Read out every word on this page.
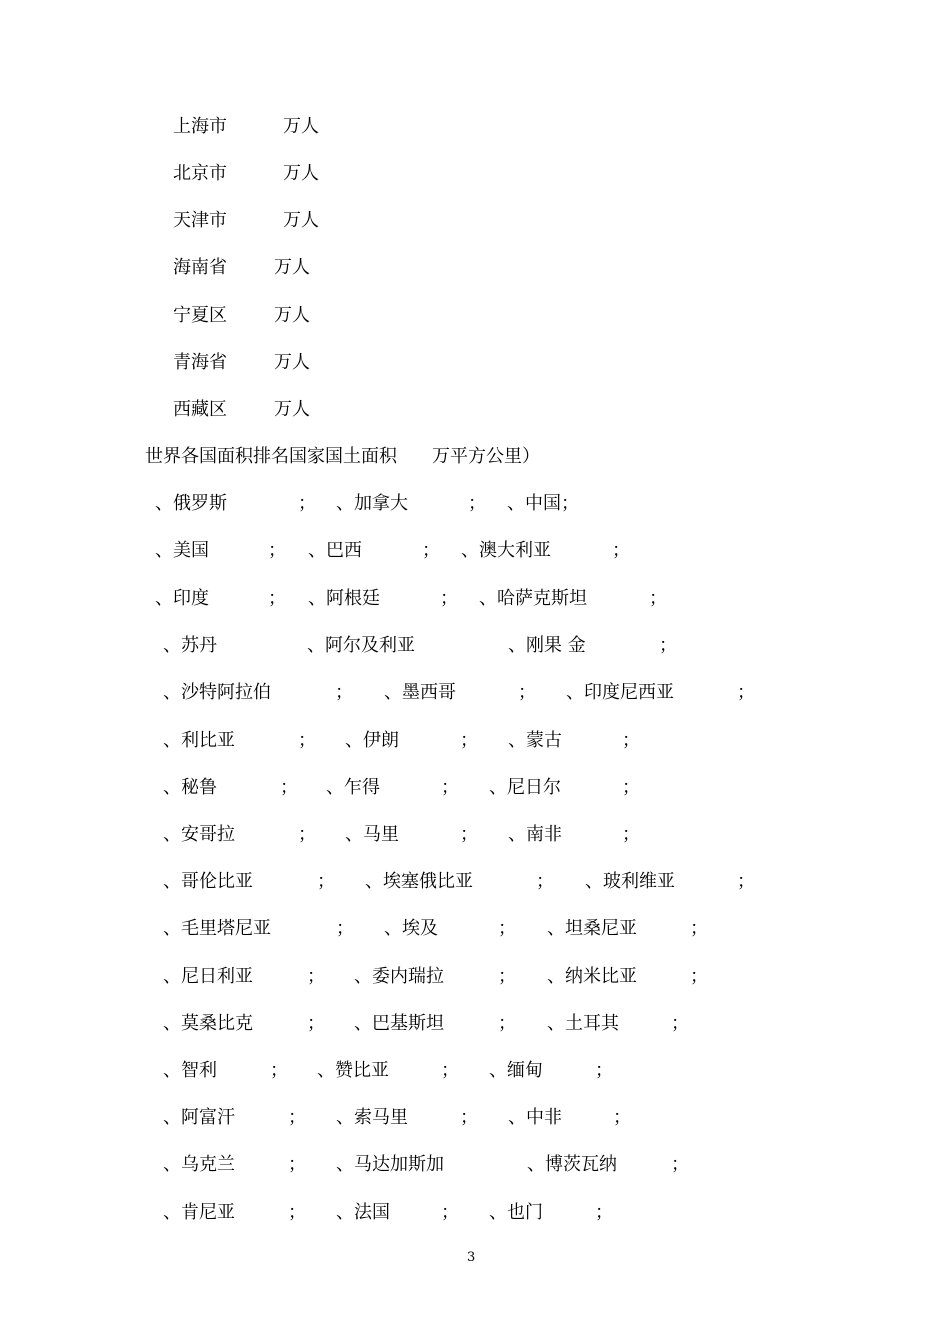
上海市	万人
北京市	万人
天津市	万人
海南省	万人
宁夏区	万人
青海省	万人
西藏区	万人
世界各国面积排名国家国土面积 万平方公里）
、俄罗斯	； 、加拿大	； 、中国；
、美国	； 、巴西	； 、澳大利亚	；
、印度	； 、阿根廷	； 、哈萨克斯坦	；
、苏丹	、阿尔及利亚	、刚果 金	；
、沙特阿拉伯	； 、墨西哥	； 、印度尼西亚	；
、利比亚	； 、伊朗	； 、蒙古	；
、秘鲁	； 、乍得	； 、尼日尔	；
、安哥拉	； 、马里	； 、南非	；
、哥伦比亚	； 、埃塞俄比亚	； 、玻利维亚	；
、毛里塔尼亚	； 、埃及	； 、坦桑尼亚	；
、尼日利亚	； 、委内瑞拉	； 、纳米比亚	；
、莫桑比克	； 、巴基斯坦	； 、土耳其	；
、智利	； 、赞比亚	； 、缅甸	；
、阿富汗	； 、索马里	； 、中非	；
、乌克兰	； 、马达加斯加	、博茨瓦纳	；
、肯尼亚	； 、法国	； 、也门	；
3
